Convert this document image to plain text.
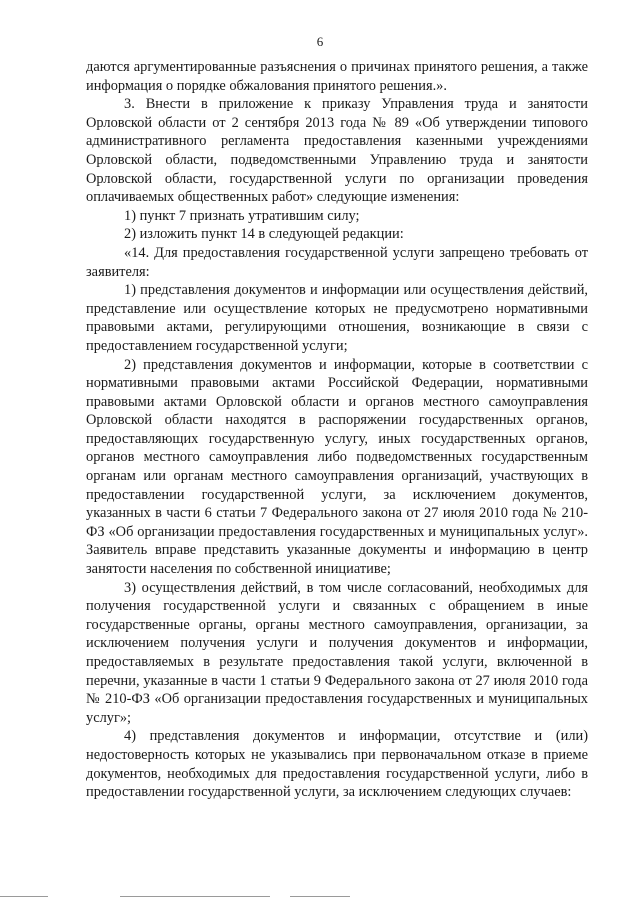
6

даются аргументированные разъяснения о причинах принятого решения, а также информация о порядке обжалования принятого решения.».

3. Внести в приложение к приказу Управления труда и занятости Орловской области от 2 сентября 2013 года № 89 «Об утверждении типового административного регламента предоставления казенными учреждениями Орловской области, подведомственными Управлению труда и занятости Орловской области, государственной услуги по организации проведения оплачиваемых общественных работ» следующие изменения:

1) пункт 7 признать утратившим силу;

2) изложить пункт 14 в следующей редакции:

«14. Для предоставления государственной услуги запрещено требовать от заявителя:

1) представления документов и информации или осуществления действий, представление или осуществление которых не предусмотрено нормативными правовыми актами, регулирующими отношения, возникающие в связи с предоставлением государственной услуги;

2) представления документов и информации, которые в соответствии с нормативными правовыми актами Российской Федерации, нормативными правовыми актами Орловской области и органов местного самоуправления Орловской области находятся в распоряжении государственных органов, предоставляющих государственную услугу, иных государственных органов, органов местного самоуправления либо подведомственных государственным органам или органам местного самоуправления организаций, участвующих в предоставлении государственной услуги, за исключением документов, указанных в части 6 статьи 7 Федерального закона от 27 июля 2010 года № 210-ФЗ «Об организации предоставления государственных и муниципальных услуг». Заявитель вправе представить указанные документы и информацию в центр занятости населения по собственной инициативе;

3) осуществления действий, в том числе согласований, необходимых для получения государственной услуги и связанных с обращением в иные государственные органы, органы местного самоуправления, организации, за исключением получения услуги и получения документов и информации, предоставляемых в результате предоставления такой услуги, включенной в перечни, указанные в части 1 статьи 9 Федерального закона от 27 июля 2010 года № 210-ФЗ «Об организации предоставления государственных и муниципальных услуг»;

4) представления документов и информации, отсутствие и (или) недостоверность которых не указывались при первоначальном отказе в приеме документов, необходимых для предоставления государственной услуги, либо в предоставлении государственной услуги, за исключением следующих случаев:
